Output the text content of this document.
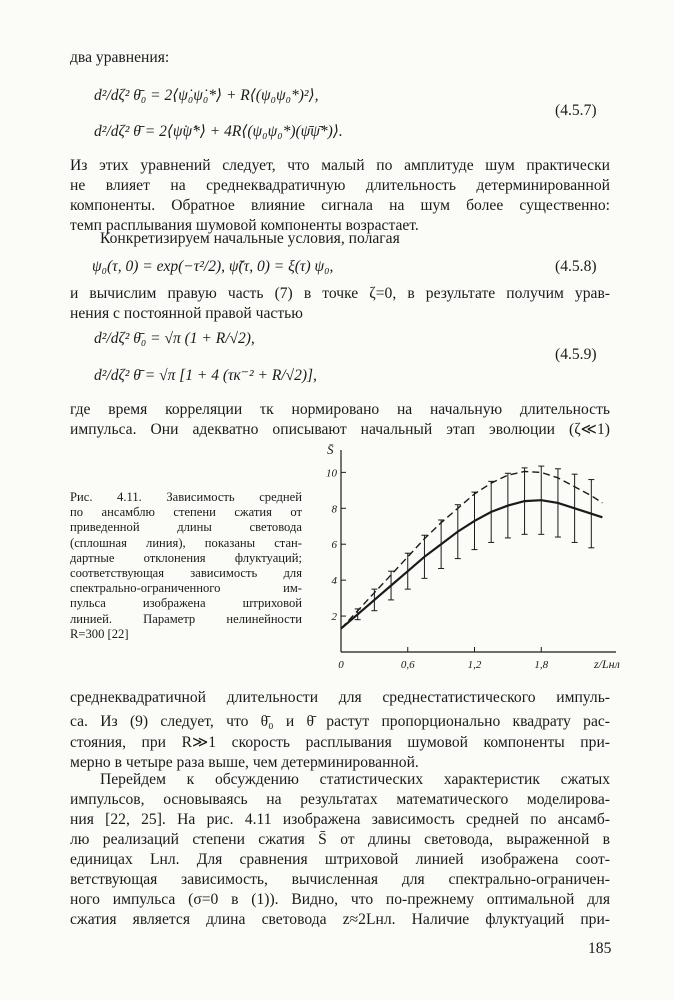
два уравнения:
d²/dζ² θ̄₀ = 2⟨ψ̇₀ψ̇₀*⟩ + R⟨(ψ₀ψ₀*)²⟩,
d²/dζ² θ̄ = 2⟨ψ̇ψ̇*⟩ + 4R⟨(ψ₀ψ₀*)(ψ̄ψ̄*)⟩.
(4.5.7)
Из этих уравнений следует, что малый по амплитуде шум практически
не влияет на среднеквадратичную длительность детерминированной
компоненты. Обратное влияние сигнала на шум более существенно:
темп расплывания шумовой компоненты возрастает.
Конкретизируем начальные условия, полагая
ψ₀(τ, 0) = exp(−τ²/2), ψ̃(τ, 0) = ξ(τ) ψ₀,	(4.5.8)
и вычислим правую часть (7) в точке ζ=0, в результате получим урав-
нения с постоянной правой частью
d²/dζ² θ̄₀ = √π (1 + R/√2),
d²/dζ² θ̄ = √π [1 + 4 (τк⁻² + R/√2)],
(4.5.9)
где время корреляции τк нормировано на начальную длительность
импульса. Они адекватно описывают начальный этап эволюции (ζ≪1)
Рис. 4.11. Зависимость средней
по ансамблю степени сжатия от
приведенной длины световода
(сплошная линия), показаны стан-
дартные отклонения флуктуаций;
соответствующая зависимость для
спектрально-ограниченного им-
пульса изображена штриховой
линией. Параметр нелинейности
R=300 [22]
2
4
6
8
10
0	0,6	1,2	1,8
S̄
z/Lнл
среднеквадратичной длительности для среднестатистического импуль-
са. Из (9) следует, что θ̄₀ и θ̄ растут пропорционально квадрату рас-
стояния, при R≫1 скорость расплывания шумовой компоненты при-
мерно в четыре раза выше, чем детерминированной.
Перейдем к обсуждению статистических характеристик сжатых
импульсов, основываясь на результатах математического моделирова-
ния [22, 25]. На рис. 4.11 изображена зависимость средней по ансамб-
лю реализаций степени сжатия S̄ от длины световода, выраженной в
единицах Lнл. Для сравнения штриховой линией изображена соот-
ветствующая зависимость, вычисленная для спектрально-ограничен-
ного импульса (σ=0 в (1)). Видно, что по-прежнему оптимальной для
сжатия является длина световода z≈2Lнл. Наличие флуктуаций при-
185
